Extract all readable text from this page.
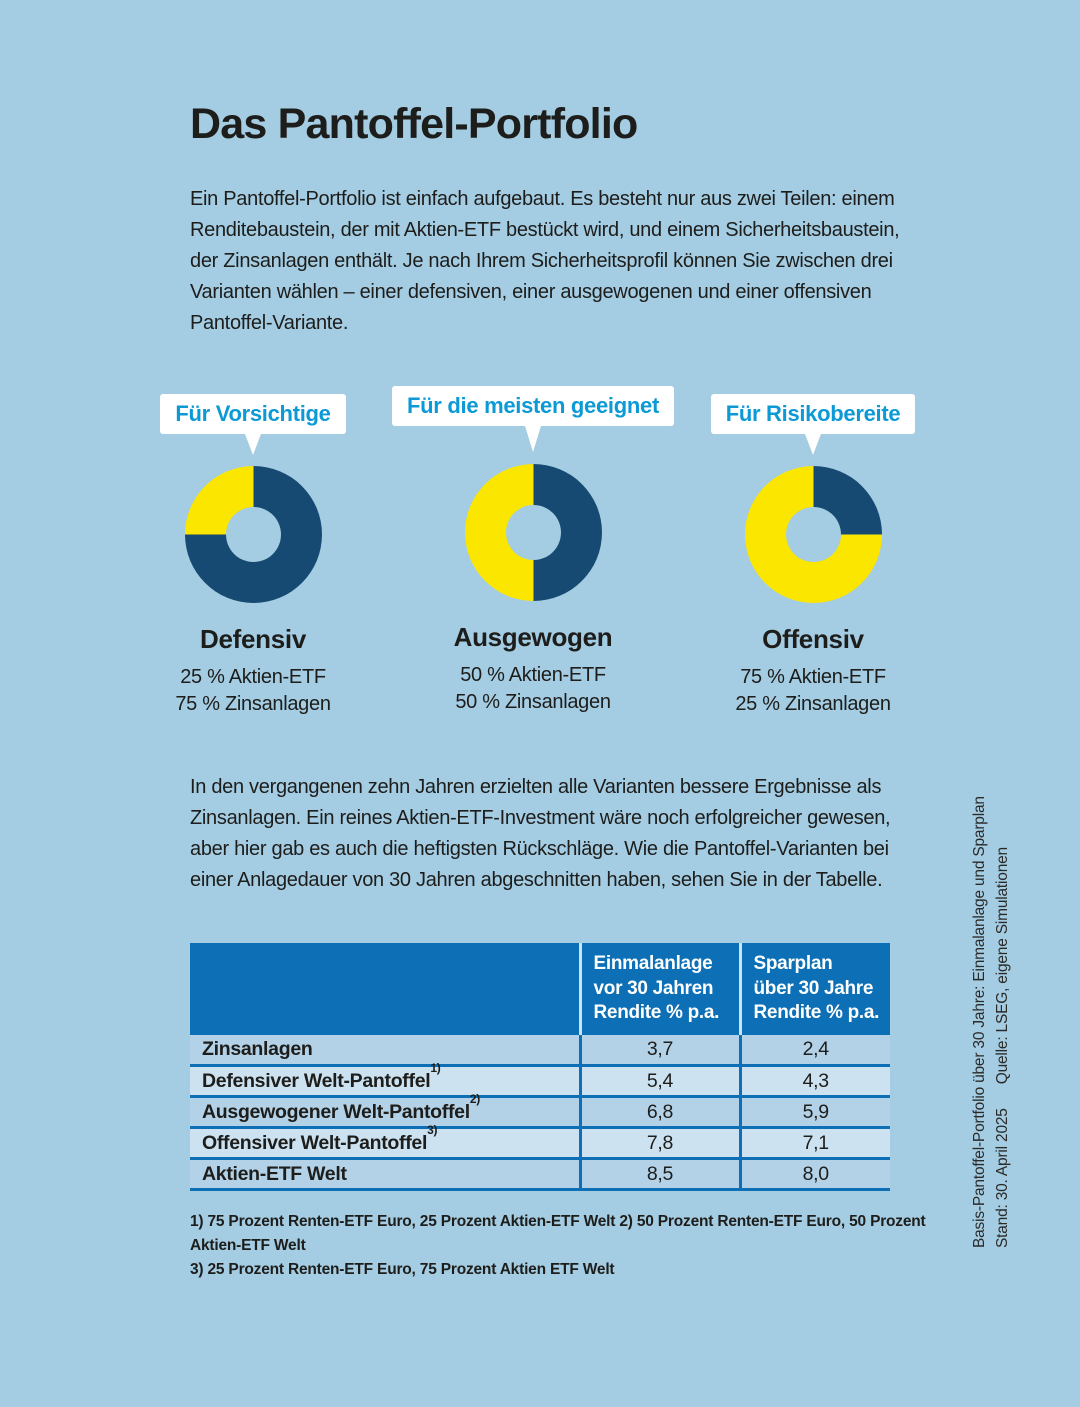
Das Pantoffel-Portfolio

Ein Pantoffel-Portfolio ist einfach aufgebaut. Es besteht nur aus zwei Teilen: einem Renditebaustein, der mit Aktien-ETF bestückt wird, und einem Sicherheitsbaustein, der Zinsanlagen enthält. Je nach Ihrem Sicherheitsprofil können Sie zwischen drei Varianten wählen – einer defensiven, einer ausgewogenen und einer offensiven Pantoffel-Variante.

Für Vorsichtige
Defensiv
25 % Aktien-ETF
75 % Zinsanlagen
Für die meisten geeignet
Ausgewogen
50 % Aktien-ETF
50 % Zinsanlagen
Für Risikobereite
Offensiv
75 % Aktien-ETF
25 % Zinsanlagen

In den vergangenen zehn Jahren erzielten alle Varianten bessere Ergebnisse als Zinsanlagen. Ein reines Aktien-ETF-Investment wäre noch erfolgreicher gewesen, aber hier gab es auch die heftigsten Rückschläge. Wie die Pantoffel-Varianten bei einer Anlagedauer von 30 Jahren abgeschnitten haben, sehen Sie in der Tabelle.

Einmalanlage
vor 30 Jahren
Rendite % p.a.

Sparplan
über 30 Jahre
Rendite % p.a.

Zinsanlagen	3,7	2,4
Defensiver Welt-Pantoffel$^{1)}$	5,4	4,3
Ausgewogener Welt-Pantoffel$^{2)}$	6,8	5,9
Offensiver Welt-Pantoffel$^{3)}$	7,8	7,1
Aktien-ETF Welt	8,5	8,0
1) 75 Prozent Renten-ETF Euro, 25 Prozent Aktien-ETF Welt 2) 50 Prozent Renten-ETF Euro, 50 Prozent Aktien-ETF Welt
3) 25 Prozent Renten-ETF Euro, 75 Prozent Aktien ETF Welt
Basis-Pantoffel-Portfolio über 30 Jahre: Einmalanlage und Sparplan Stand: 30. April 2025Quelle: LSEG, eigene Simulationen
